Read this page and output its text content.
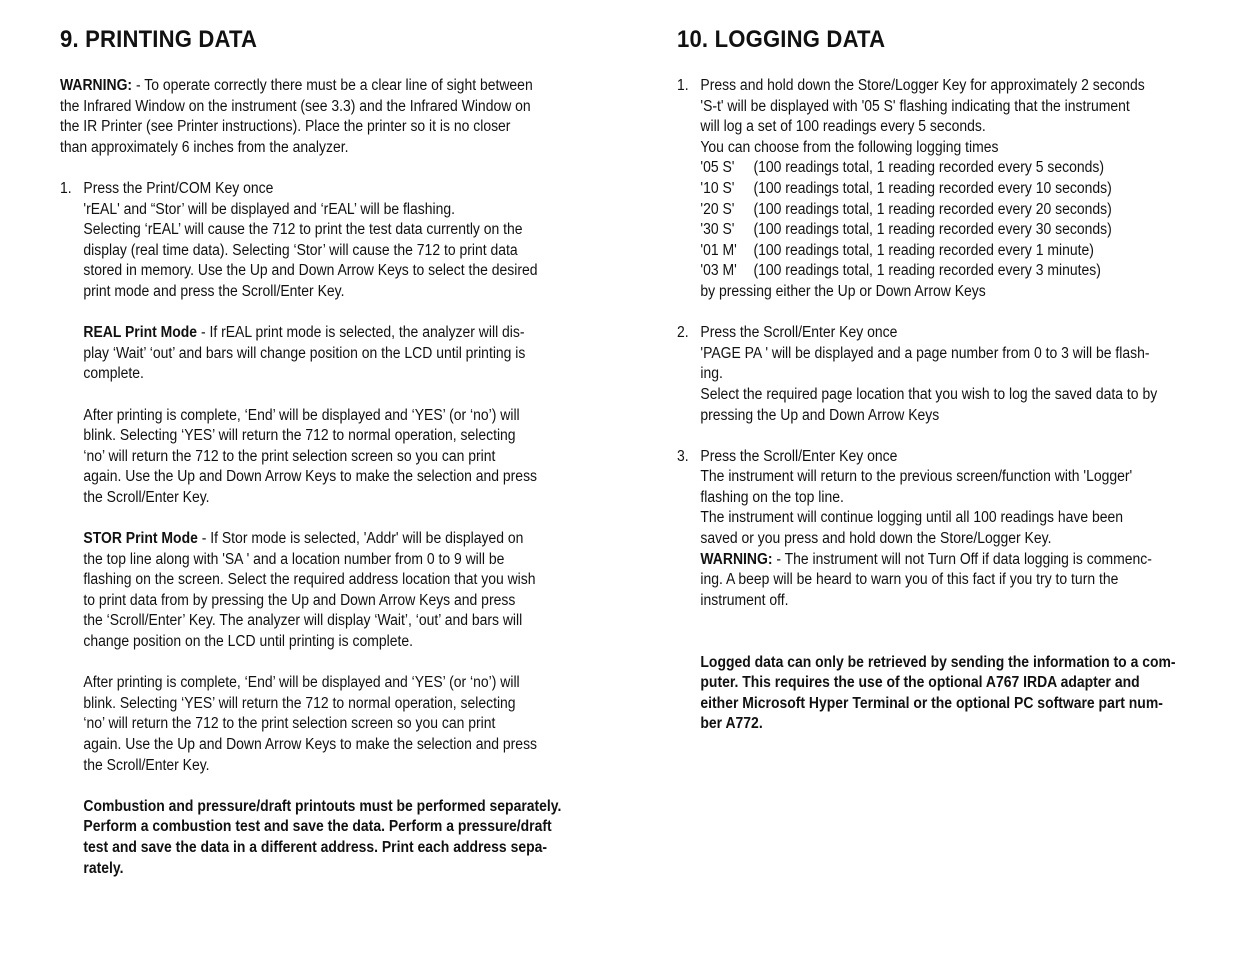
9. PRINTING DATA

WARNING: - To operate correctly there must be a clear line of sight between
the Infrared Window on the instrument (see 3.3) and the Infrared Window on
the IR Printer (see Printer instructions). Place the printer so it is no closer
than approximately 6 inches from the analyzer.

1. Press the Print/COM Key once
'rEAL' and “Stor’ will be displayed and ‘rEAL’ will be flashing.
Selecting ‘rEAL’ will cause the 712 to print the test data currently on the
display (real time data). Selecting ‘Stor’ will cause the 712 to print data
stored in memory. Use the Up and Down Arrow Keys to select the desired
print mode and press the Scroll/Enter Key.

REAL Print Mode - If rEAL print mode is selected, the analyzer will dis-
play ‘Wait’ ‘out’ and bars will change position on the LCD until printing is
complete.

After printing is complete, ‘End’ will be displayed and ‘YES’ (or ‘no’) will
blink. Selecting ‘YES’ will return the 712 to normal operation, selecting
‘no’ will return the 712 to the print selection screen so you can print
again. Use the Up and Down Arrow Keys to make the selection and press
the Scroll/Enter Key.

STOR Print Mode - If Stor mode is selected, 'Addr' will be displayed on
the top line along with 'SA ' and a location number from 0 to 9 will be
flashing on the screen. Select the required address location that you wish
to print data from by pressing the Up and Down Arrow Keys and press
the ‘Scroll/Enter’ Key. The analyzer will display ‘Wait’, ‘out’ and bars will
change position on the LCD until printing is complete.

After printing is complete, ‘End’ will be displayed and ‘YES’ (or ‘no’) will
blink. Selecting ‘YES’ will return the 712 to normal operation, selecting
‘no’ will return the 712 to the print selection screen so you can print
again. Use the Up and Down Arrow Keys to make the selection and press
the Scroll/Enter Key.

Combustion and pressure/draft printouts must be performed separately.
Perform a combustion test and save the data. Perform a pressure/draft
test and save the data in a different address. Print each address sepa-
rately.

10. LOGGING DATA
1. Press and hold down the Store/Logger Key for approximately 2 seconds
'S-t' will be displayed with '05 S' flashing indicating that the instrument
will log a set of 100 readings every 5 seconds.
You can choose from the following logging times
'05 S' (100 readings total, 1 reading recorded every 5 seconds)
'10 S' (100 readings total, 1 reading recorded every 10 seconds)
'20 S' (100 readings total, 1 reading recorded every 20 seconds)
'30 S' (100 readings total, 1 reading recorded every 30 seconds)
'01 M' (100 readings total, 1 reading recorded every 1 minute)
'03 M' (100 readings total, 1 reading recorded every 3 minutes)
by pressing either the Up or Down Arrow Keys

2. Press the Scroll/Enter Key once
'PAGE PA ' will be displayed and a page number from 0 to 3 will be flash-
ing.
Select the required page location that you wish to log the saved data to by
pressing the Up and Down Arrow Keys

3. Press the Scroll/Enter Key once
The instrument will return to the previous screen/function with 'Logger'
flashing on the top line.
The instrument will continue logging until all 100 readings have been
saved or you press and hold down the Store/Logger Key.
WARNING: - The instrument will not Turn Off if data logging is commenc-
ing. A beep will be heard to warn you of this fact if you try to turn the
instrument off.

Logged data can only be retrieved by sending the information to a com-
puter. This requires the use of the optional A767 IRDA adapter and
either Microsoft Hyper Terminal or the optional PC software part num-
ber A772.
